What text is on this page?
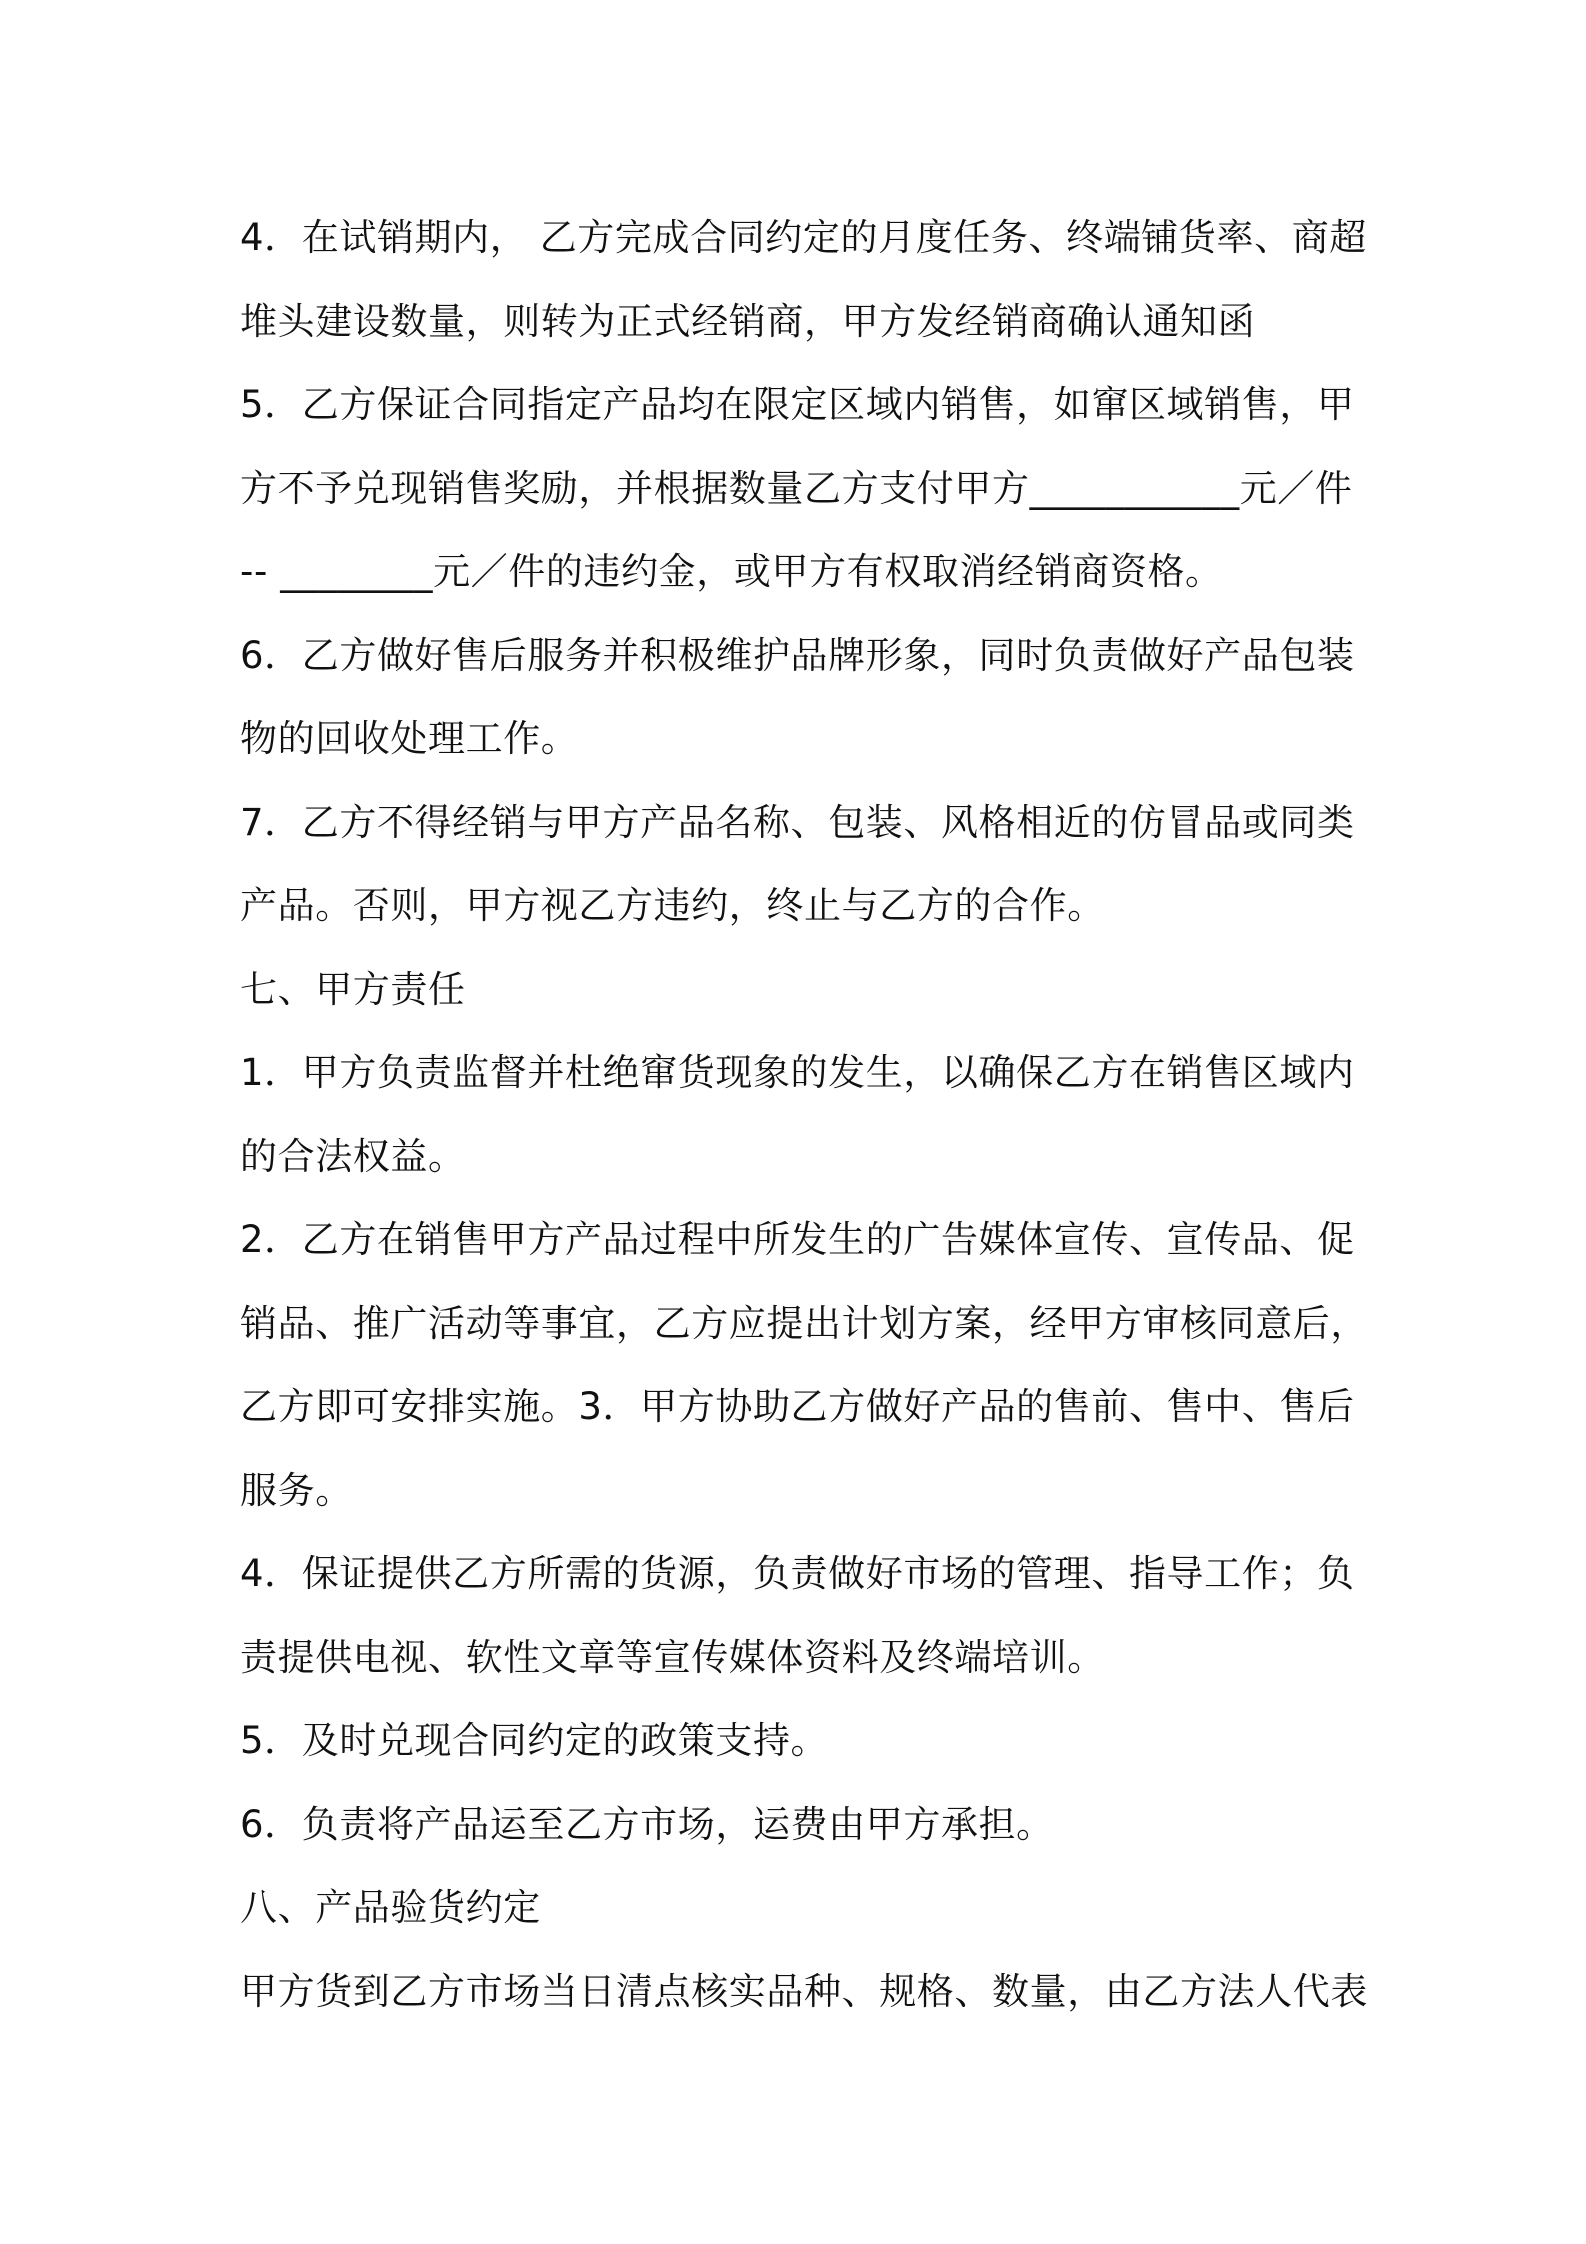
4．在试销期内， 乙方完成合同约定的月度任务、终端铺货率、商超
堆头建设数量，则转为正式经销商，甲方发经销商确认通知函
5．乙方保证合同指定产品均在限定区域内销售，如窜区域销售，甲
方不予兑现销售奖励，并根据数量乙方支付甲方___________元／件
-- ________元／件的违约金，或甲方有权取消经销商资格。
6．乙方做好售后服务并积极维护品牌形象，同时负责做好产品包装
物的回收处理工作。
7．乙方不得经销与甲方产品名称、包装、风格相近的仿冒品或同类
产品。否则，甲方视乙方违约，终止与乙方的合作。
七、甲方责任
1．甲方负责监督并杜绝窜货现象的发生，以确保乙方在销售区域内
的合法权益。
2．乙方在销售甲方产品过程中所发生的广告媒体宣传、宣传品、促
销品、推广活动等事宜，乙方应提出计划方案，经甲方审核同意后，
乙方即可安排实施。3．甲方协助乙方做好产品的售前、售中、售后
服务。
4．保证提供乙方所需的货源，负责做好市场的管理、指导工作；负
责提供电视、软性文章等宣传媒体资料及终端培训。
5．及时兑现合同约定的政策支持。
6．负责将产品运至乙方市场，运费由甲方承担。
八、产品验货约定
甲方货到乙方市场当日清点核实品种、规格、数量，由乙方法人代表
